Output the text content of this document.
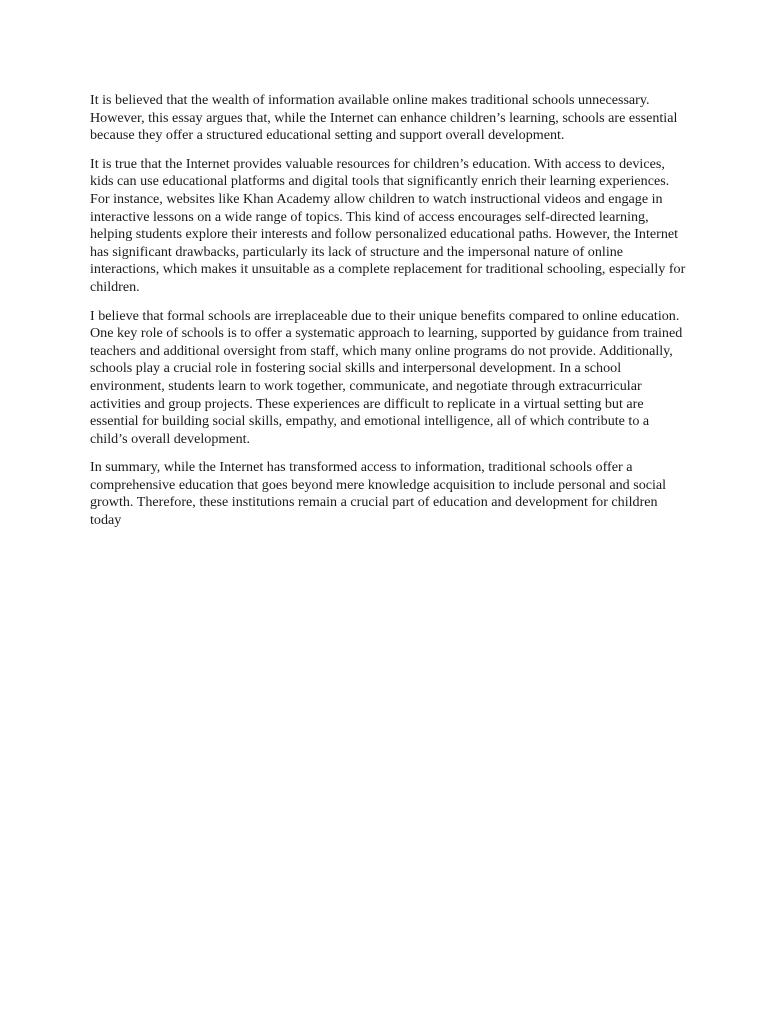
It is believed that the wealth of information available online makes traditional schools unnecessary.
However, this essay argues that, while the Internet can enhance children’s learning, schools are essential
because they offer a structured educational setting and support overall development.

It is true that the Internet provides valuable resources for children’s education. With access to devices,
kids can use educational platforms and digital tools that significantly enrich their learning experiences.
For instance, websites like Khan Academy allow children to watch instructional videos and engage in
interactive lessons on a wide range of topics. This kind of access encourages self-directed learning,
helping students explore their interests and follow personalized educational paths. However, the Internet
has significant drawbacks, particularly its lack of structure and the impersonal nature of online
interactions, which makes it unsuitable as a complete replacement for traditional schooling, especially for
children.

I believe that formal schools are irreplaceable due to their unique benefits compared to online education.
One key role of schools is to offer a systematic approach to learning, supported by guidance from trained
teachers and additional oversight from staff, which many online programs do not provide. Additionally,
schools play a crucial role in fostering social skills and interpersonal development. In a school
environment, students learn to work together, communicate, and negotiate through extracurricular
activities and group projects. These experiences are difficult to replicate in a virtual setting but are
essential for building social skills, empathy, and emotional intelligence, all of which contribute to a
child’s overall development.

In summary, while the Internet has transformed access to information, traditional schools offer a
comprehensive education that goes beyond mere knowledge acquisition to include personal and social
growth. Therefore, these institutions remain a crucial part of education and development for children
today
